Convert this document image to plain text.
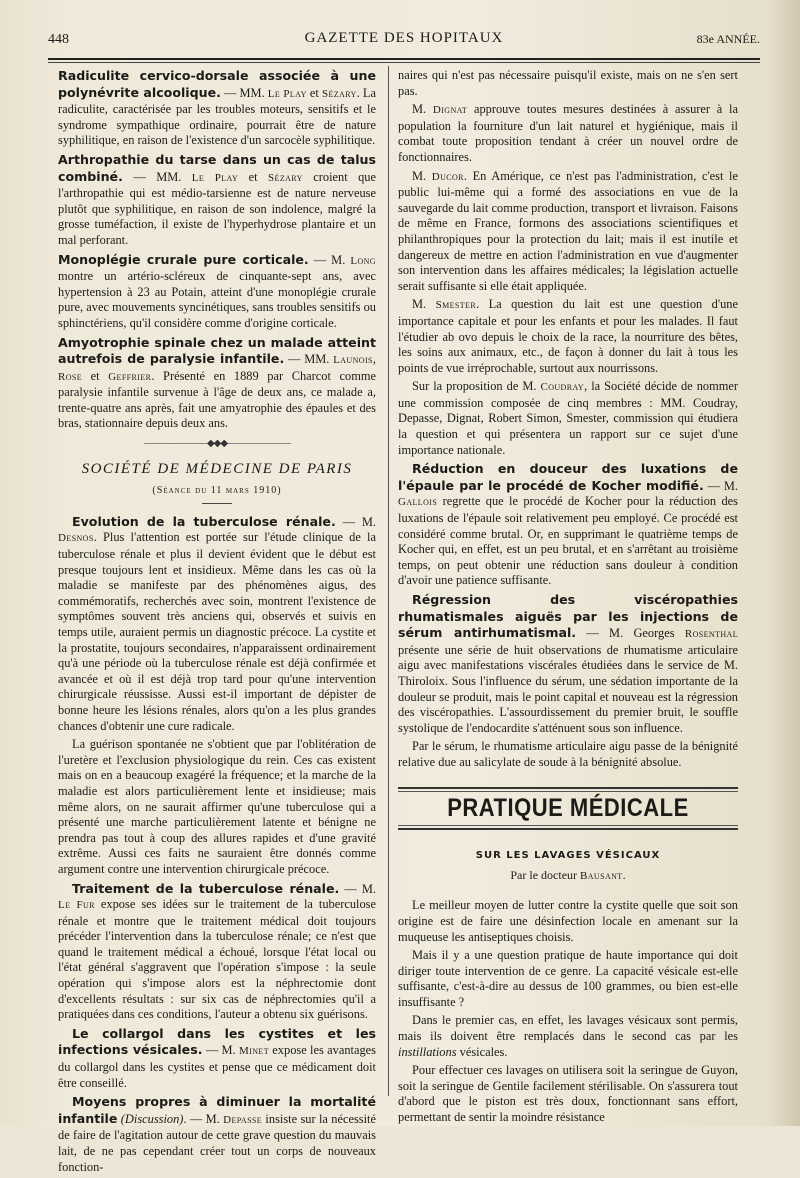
448	GAZETTE DES HOPITAUX	83e ANNÉE.

Radiculite cervico-dorsale associée à une polynévrite alcoolique. — MM. Le Play et Sézary. La radiculite, caractérisée par les troubles moteurs, sensitifs et le syndrome sympathique ordinaire, pourrait être de nature syphilitique, en raison de l'existence d'un sarcocèle syphilitique.

Arthropathie du tarse dans un cas de talus combiné. — MM. Le Play et Sézary croient que l'arthropathie qui est médio-tarsienne est de nature nerveuse plutôt que syphilitique, en raison de son indolence, malgré la grosse tuméfaction, il existe de l'hyperhydrose plantaire et un mal perforant.

Monoplégie crurale pure corticale. — M. Long montre un artério-scléreux de cinquante-sept ans, avec hypertension à 23 au Potain, atteint d'une monoplégie crurale pure, avec mouvements syncinétiques, sans troubles sensitifs ou sphinctériens, qu'il considère comme d'origine corticale.

Amyotrophie spinale chez un malade atteint autrefois de paralysie infantile. — MM. Launois, Rose et Geffrier. Présenté en 1889 par Charcot comme paralysie infantile survenue à l'âge de deux ans, ce malade a, trente-quatre ans après, fait une amyatrophie des épaules et des bras, stationnaire depuis deux ans.

———————◆◆◆———————
SOCIÉTÉ DE MÉDECINE DE PARIS
(Séance du 11 mars 1910)

Evolution de la tuberculose rénale. — M. Desnos. Plus l'attention est portée sur l'étude clinique de la tuberculose rénale et plus il devient évident que le début est presque toujours lent et insidieux. Même dans les cas où la maladie se manifeste par des phénomènes aigus, des commémoratifs, recherchés avec soin, montrent l'existence de symptômes souvent très anciens qui, observés et suivis en temps utile, auraient permis un diagnostic précoce. La cystite et la prostatite, toujours secondaires, n'apparaissent ordinairement qu'à une période où la tuberculose rénale est déjà confirmée et avancée et où il est déjà trop tard pour qu'une intervention chirurgicale réussisse. Aussi est-il important de dépister de bonne heure les lésions rénales, alors qu'on a les plus grandes chances d'obtenir une cure radicale.

La guérison spontanée ne s'obtient que par l'oblitération de l'uretère et l'exclusion physiologique du rein. Ces cas existent mais on en a beaucoup exagéré la fréquence; et la marche de la maladie est alors particulièrement lente et insidieuse; mais même alors, on ne saurait affirmer qu'une tuberculose qui a présenté une marche particulièrement latente et bénigne ne prendra pas tout à coup des allures rapides et d'une gravité extrême. Aussi ces faits ne sauraient être donnés comme argument contre une intervention chirurgicale précoce.

Traitement de la tuberculose rénale. — M. Le Fur expose ses idées sur le traitement de la tuberculose rénale et montre que le traitement médical doit toujours précéder l'intervention dans la tuberculose rénale; ce n'est que quand le traitement médical a échoué, lorsque l'état local ou l'état général s'aggravent que l'opération s'impose : la seule opération qui s'impose alors est la néphrectomie dont d'excellents résultats : sur six cas de néphrectomies qu'il a pratiquées dans ces conditions, l'auteur a obtenu six guérisons.

Le collargol dans les cystites et les infections vésicales. — M. Minet expose les avantages du collargol dans les cystites et pense que ce médicament doit être conseillé.

Moyens propres à diminuer la mortalité infantile (Discussion). — M. Depasse insiste sur la nécessité de faire de l'agitation autour de cette grave question du mauvais lait, de ne pas cependant créer tout un corps de nouveaux fonction-

naires qui n'est pas nécessaire puisqu'il existe, mais on ne s'en sert pas.

M. Dignat approuve toutes mesures destinées à assurer à la population la fourniture d'un lait naturel et hygiénique, mais il combat toute proposition tendant à créer un nouvel ordre de fonctionnaires.

M. Ducor. En Amérique, ce n'est pas l'administration, c'est le public lui-même qui a formé des associations en vue de la sauvegarde du lait comme production, transport et livraison. Faisons de même en France, formons des associations scientifiques et philanthropiques pour la protection du lait; mais il est inutile et dangereux de mettre en action l'administration en vue d'augmenter son intervention dans les affaires médicales; la législation actuelle serait suffisante si elle était appliquée.

M. Smester. La question du lait est une question d'une importance capitale et pour les enfants et pour les malades. Il faut l'étudier ab ovo depuis le choix de la race, la nourriture des bêtes, les soins aux animaux, etc., de façon à donner du lait à tous les points de vue irréprochable, surtout aux nourrissons.

Sur la proposition de M. Coudray, la Société décide de nommer une commission composée de cinq membres : MM. Coudray, Depasse, Dignat, Robert Simon, Smester, commission qui étudiera la question et qui présentera un rapport sur ce sujet d'une importance nationale.

Réduction en douceur des luxations de l'épaule par le procédé de Kocher modifié. — M. Gallois regrette que le procédé de Kocher pour la réduction des luxations de l'épaule soit relativement peu employé. Ce procédé est considéré comme brutal. Or, en supprimant le quatrième temps de Kocher qui, en effet, est un peu brutal, et en s'arrêtant au troisième temps, on peut obtenir une réduction sans douleur à condition d'avoir une patience suffisante.

Régression des viscéropathies rhumatismales aiguës par les injections de sérum antirhumatismal. — M. Georges Rosenthal présente une série de huit observations de rhumatisme articulaire aigu avec manifestations viscérales étudiées dans le service de M. Thiroloix. Sous l'influence du sérum, une sédation importante de la douleur se produit, mais le point capital et nouveau est la régression des viscéropathies. L'assourdissement du premier bruit, le souffle systolique de l'endocardite s'atténuent sous son influence.

Par le sérum, le rhumatisme articulaire aigu passe de la bénignité relative due au salicylate de soude à la bénignité absolue.

PRATIQUE MÉDICALE
SUR LES LAVAGES VÉSICAUX
Par le docteur Bausant.

Le meilleur moyen de lutter contre la cystite quelle que soit son origine est de faire une désinfection locale en amenant sur la muqueuse les antiseptiques choisis.

Mais il y a une question pratique de haute importance qui doit diriger toute intervention de ce genre. La capacité vésicale est-elle suffisante, c'est-à-dire au dessus de 100 grammes, ou bien est-elle insuffisante ?

Dans le premier cas, en effet, les lavages vésicaux sont permis, mais ils doivent être remplacés dans le second cas par les instillations vésicales.

Pour effectuer ces lavages on utilisera soit la seringue de Guyon, soit la seringue de Gentile facilement stérilisable. On s'assurera tout d'abord que le piston est très doux, fonctionnant sans effort, permettant de sentir la moindre résistance
